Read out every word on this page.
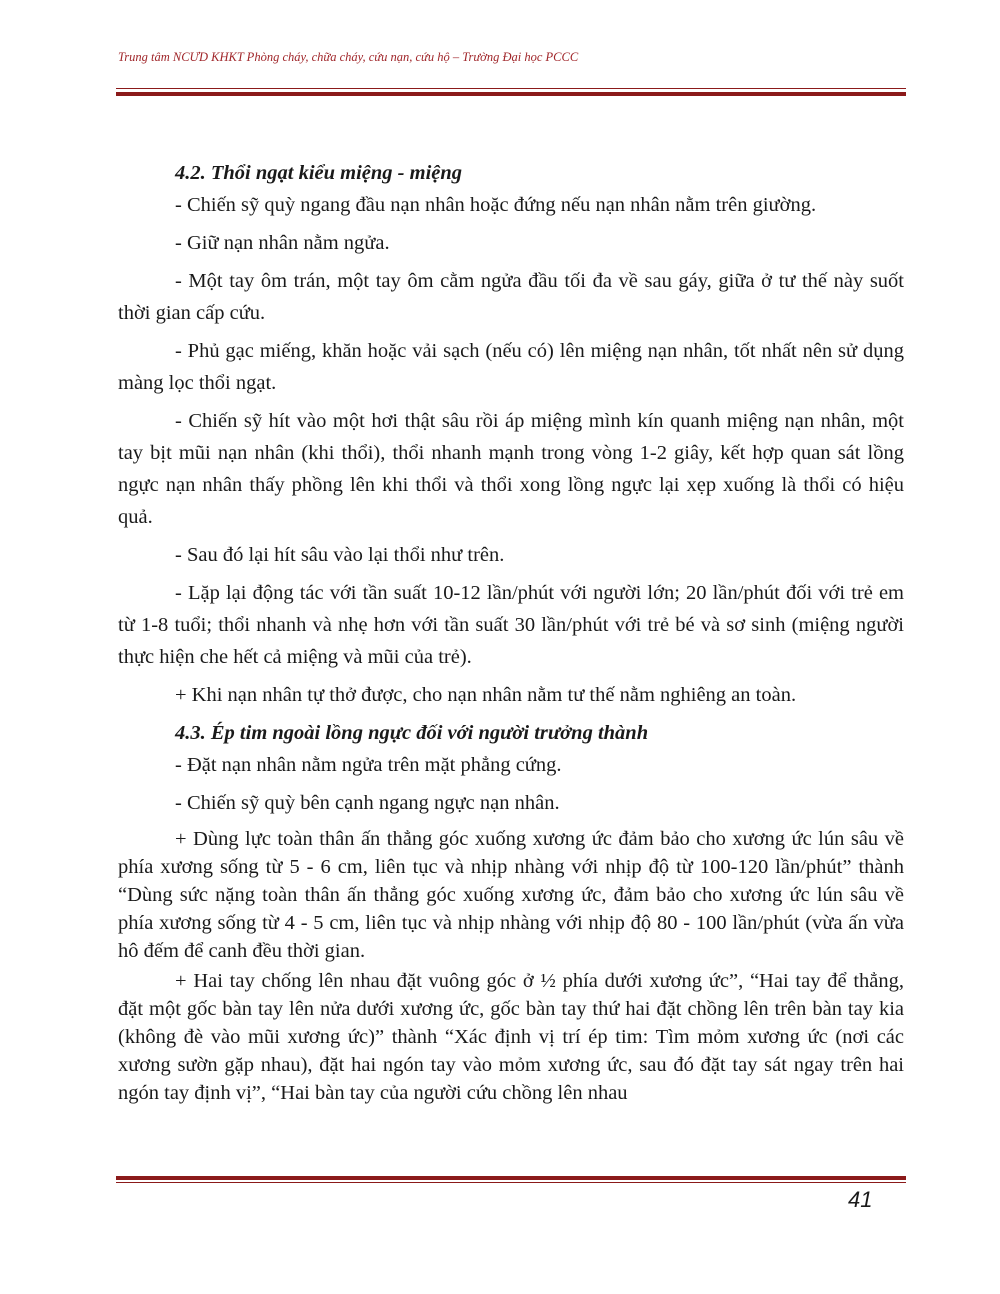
Trung tâm NCƯD KHKT Phòng cháy, chữa cháy, cứu nạn, cứu hộ – Trường Đại học PCCC

4.2. Thổi ngạt kiểu miệng - miệng

- Chiến sỹ quỳ ngang đầu nạn nhân hoặc đứng nếu nạn nhân nằm trên giường.

- Giữ nạn nhân nằm ngửa.

- Một tay ôm trán, một tay ôm cằm ngửa đầu tối đa về sau gáy, giữa ở tư thế này suốt thời gian cấp cứu.

- Phủ gạc miếng, khăn hoặc vải sạch (nếu có) lên miệng nạn nhân, tốt nhất nên sử dụng màng lọc thổi ngạt.

- Chiến sỹ hít vào một hơi thật sâu rồi áp miệng mình kín quanh miệng nạn nhân, một tay bịt mũi nạn nhân (khi thổi), thổi nhanh mạnh trong vòng 1-2 giây, kết hợp quan sát lồng ngực nạn nhân thấy phồng lên khi thổi và thổi xong lồng ngực lại xẹp xuống là thổi có hiệu quả.

- Sau đó lại hít sâu vào lại thổi như trên.

- Lặp lại động tác với tần suất 10-12 lần/phút với người lớn; 20 lần/phút đối với trẻ em từ 1-8 tuổi; thổi nhanh và nhẹ hơn với tần suất 30 lần/phút với trẻ bé và sơ sinh (miệng người thực hiện che hết cả miệng và mũi của trẻ).

+ Khi nạn nhân tự thở được, cho nạn nhân nằm tư thế nằm nghiêng an toàn.

4.3. Ép tim ngoài lồng ngực đối với người trưởng thành

- Đặt nạn nhân nằm ngửa trên mặt phẳng cứng.

- Chiến sỹ quỳ bên cạnh ngang ngực nạn nhân.

+ Dùng lực toàn thân ấn thẳng góc xuống xương ức đảm bảo cho xương ức lún sâu về phía xương sống từ 5 - 6 cm, liên tục và nhịp nhàng với nhịp độ từ 100-120 lần/phút” thành “Dùng sức nặng toàn thân ấn thẳng góc xuống xương ức, đảm bảo cho xương ức lún sâu về phía xương sống từ 4 - 5 cm, liên tục và nhịp nhàng với nhịp độ 80 - 100 lần/phút (vừa ấn vừa hô đếm để canh đều thời gian.

+ Hai tay chống lên nhau đặt vuông góc ở ½ phía dưới xương ức”, “Hai tay để thẳng, đặt một gốc bàn tay lên nửa dưới xương ức, gốc bàn tay thứ hai đặt chồng lên trên bàn tay kia (không đè vào mũi xương ức)” thành “Xác định vị trí ép tim: Tìm mỏm xương ức (nơi các xương sườn gặp nhau), đặt hai ngón tay vào mỏm xương ức, sau đó đặt tay sát ngay trên hai ngón tay định vị”, “Hai bàn tay của người cứu chồng lên nhau

41
